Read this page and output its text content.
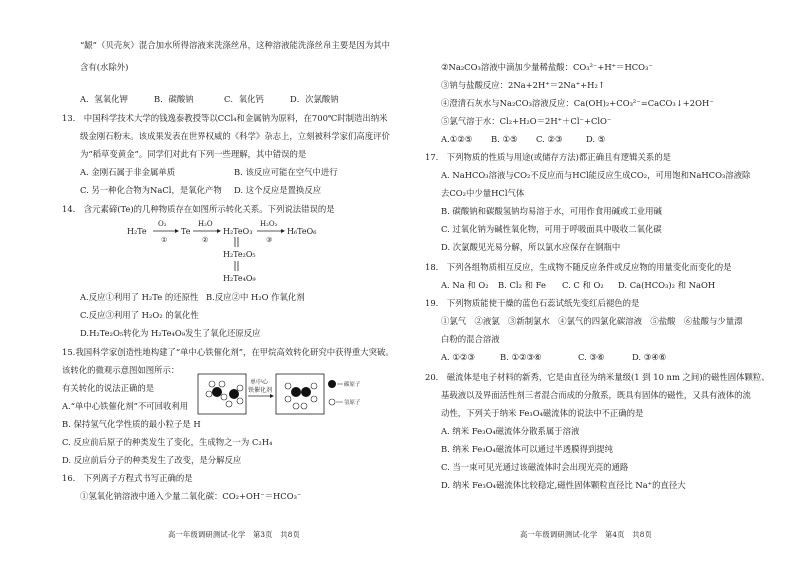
“龈”（贝壳灰）混合加水所得溶液来洗涤丝帛，这种溶液能洗涤丝帛主要是因为其中
含有(水除外)
A．氢氧化钾	B．碳酸钠	C．氧化钙	D．次氯酸钠
13.　中国科学技术大学的钱逸泰教授等以CCl₄和金属钠为原料，在700℃时制造出纳米
级金刚石粉末。该成果发表在世界权威的《科学》杂志上，立刻被科学家们高度评价
为“稻草变黄金”。同学们对此有下列一些理解，其中错误的是
A. 金刚石属于非金属单质	B. 该反应可能在空气中进行
C. 另一种化合物为NaCl，是氧化产物 D. 这个反应是置换反应
14.　含元素碲(Te)的几种物质存在如图所示转化关系。下列说法错误的是
H₂Te
O₂
①
Te
H₂O
②
H₂TeO₃
H₂O₂
③
H₆TeO₆
H₂Te₂O₅
H₂Te₄O₉
A.反应①利用了 H₂Te 的还原性 B.反应②中 H₂O 作氧化剂
C.反应③利用了 H₂O₂ 的氧化性
D.H₂Te₂O₅转化为 H₂Te₄O₉发生了氧化还原反应
15.我国科学家创造性地构建了“单中心铁催化剂”，在甲烷高效转化研究中获得重大突破。
该转化的微观示意图如图所示：
有关转化的说法正确的是
单中心
铁催化剂
碳原子
氢原子
A.“单中心铁催化剂”不可回收利用
B. 保持氢气化学性质的最小粒子是 H
C. 反应前后原子的种类发生了变化，生成物之一为 C₂H₄
D. 反应前后分子的种类发生了改变，是分解反应
16.　下列离子方程式书写正确的是
①氢氧化钠溶液中通入少量二氧化碳：CO₂+OH⁻＝HCO₃⁻
高一年级调研测试·化学　第3页　共8页
②Na₂CO₃溶液中滴加少量稀盐酸：CO₃²⁻+H⁺＝HCO₃⁻
③钠与盐酸反应：2Na+2H⁺＝2Na⁺+H₂↑
④澄清石灰水与Na₂CO₃溶液反应：Ca(OH)₂+CO₃²⁻=CaCO₃↓+2OH⁻
⑤氯气溶于水：Cl₂+H₂O＝2H⁺＋Cl⁻+ClO⁻
A.①②⑤ B. ①⑤ C. ②③	D. ⑤
17.　下列物质的性质与用途(或储存方法)都正确且有逻辑关系的是
A. NaHCO₃溶液与CO₂不反应而与HCl能反应生成CO₂，可用饱和NaHCO₃溶液除
去CO₂中少量HCl气体
B. 碳酸钠和碳酸氢钠均易溶于水，可用作食用碱或工业用碱
C. 过氧化钠为碱性氧化物，可用于呼吸面具中吸收二氧化碳
D. 次氯酸见光易分解，所以氯水应保存在钢瓶中
18.　下列各组物质相互反应，生成物不随反应条件或反应物的用量变化而变化的是
A. Na 和 O₂ B. Cl₂ 和 Fe C. C 和 O₂ D. Ca(HCO₃)₂ 和 NaOH
19.　下列物质能使干燥的蓝色石蕊试纸先变红后褪色的是
①氯气　②液氯　③新制氯水　④氯气的四氯化碳溶液　⑤盐酸　⑥盐酸与少量漂
白粉的混合溶液
A. ①②③	B. ①②③⑥	C. ③⑥	D. ③④⑥
20.　磁流体是电子材料的新秀，它是由直径为纳米量级(1 到 10 nm 之间)的磁性固体颗粒、
基载液以及界面活性剂三者混合而成的分散系，既具有固体的磁性，又具有液体的流
动性，下列关于纳米 Fe₃O₄磁流体的说法中不正确的是
A. 纳米 Fe₃O₄磁流体分散系属于溶液
B. 纳米 Fe₃O₄磁流体可以通过半透膜得到提纯
C. 当一束可见光通过该磁流体时会出现光亮的通路
D. 纳米 Fe₃O₄磁流体比较稳定,磁性固体颗粒直径比 Na⁺的直径大
高一年级调研测试·化学　第4页　共8页
